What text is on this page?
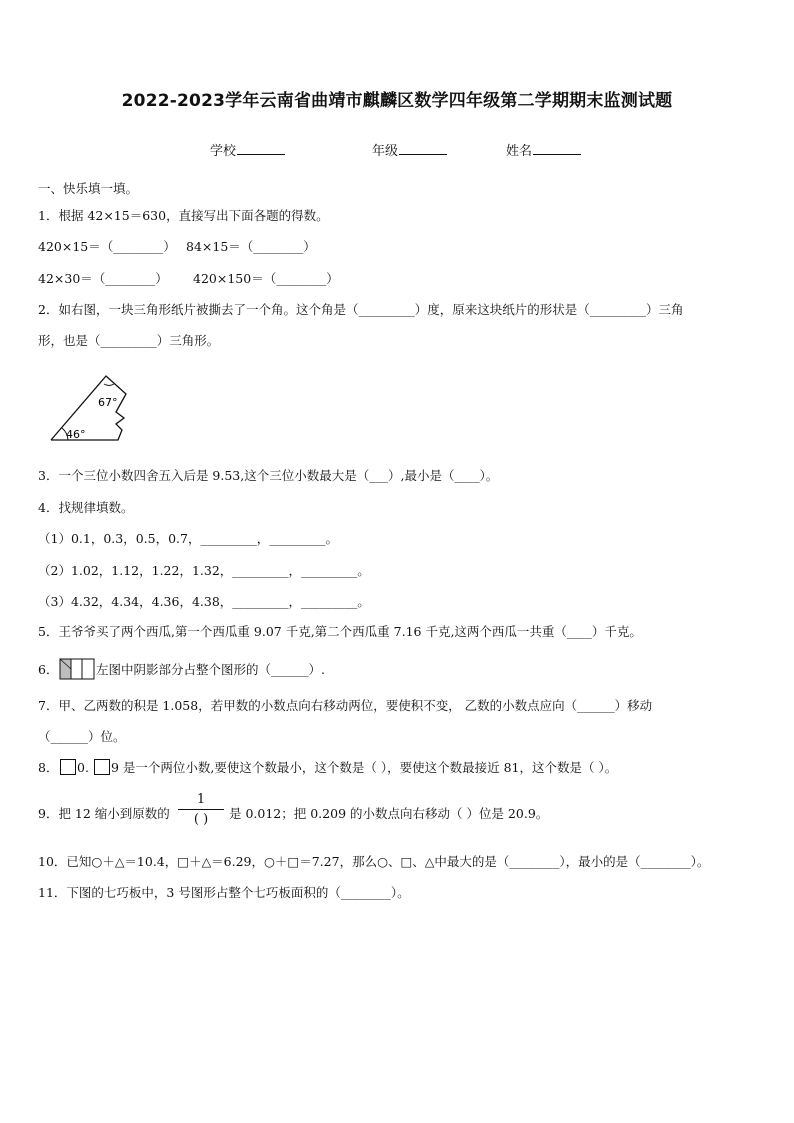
2022-2023学年云南省曲靖市麒麟区数学四年级第二学期期末监测试题
学校	年级	姓名
一、快乐填一填。
1．根据 42×15＝630，直接写出下面各题的得数。
420×15＝（________） 84×15＝（________）
42×30＝（________） 420×150＝（________）
2．如右图，一块三角形纸片被撕去了一个角。这个角是（_________）度，原来这块纸片的形状是（_________）三角
形，也是（_________）三角形。
67°
46°
3．一个三位小数四舍五入后是 9.53,这个三位小数最大是（___）,最小是（____）。
4．找规律填数。
（1）0.1，0.3，0.5，0.7，_________，_________。
（2）1.02，1.12，1.22，1.32，_________，_________。
（3）4.32，4.34，4.36，4.38，_________，_________。
5．王爷爷买了两个西瓜,第一个西瓜重 9.07 千克,第二个西瓜重 7.16 千克,这两个西瓜一共重（____）千克。
6．	左图中阴影部分占整个图形的（______）.
7．甲、乙两数的积是 1.058，若甲数的小数点向右移动两位，要使积不变， 乙数的小数点应向（______）移动
（______）位。
8． 0. 9 是一个两位小数,要使这个数最小，这个数是（ ），要使这个数最接近 81，这个数是（ ）。
9．把 12 缩小到原数的
1
( )	是 0.012；把 0.209 的小数点向右移动（ ）位是 20.9。
10．已知○＋△＝10.4，□＋△＝6.29，○＋□＝7.27，那么○、□、△中最大的是（________），最小的是（________）。
11．下图的七巧板中，3 号图形占整个七巧板面积的（________）。
